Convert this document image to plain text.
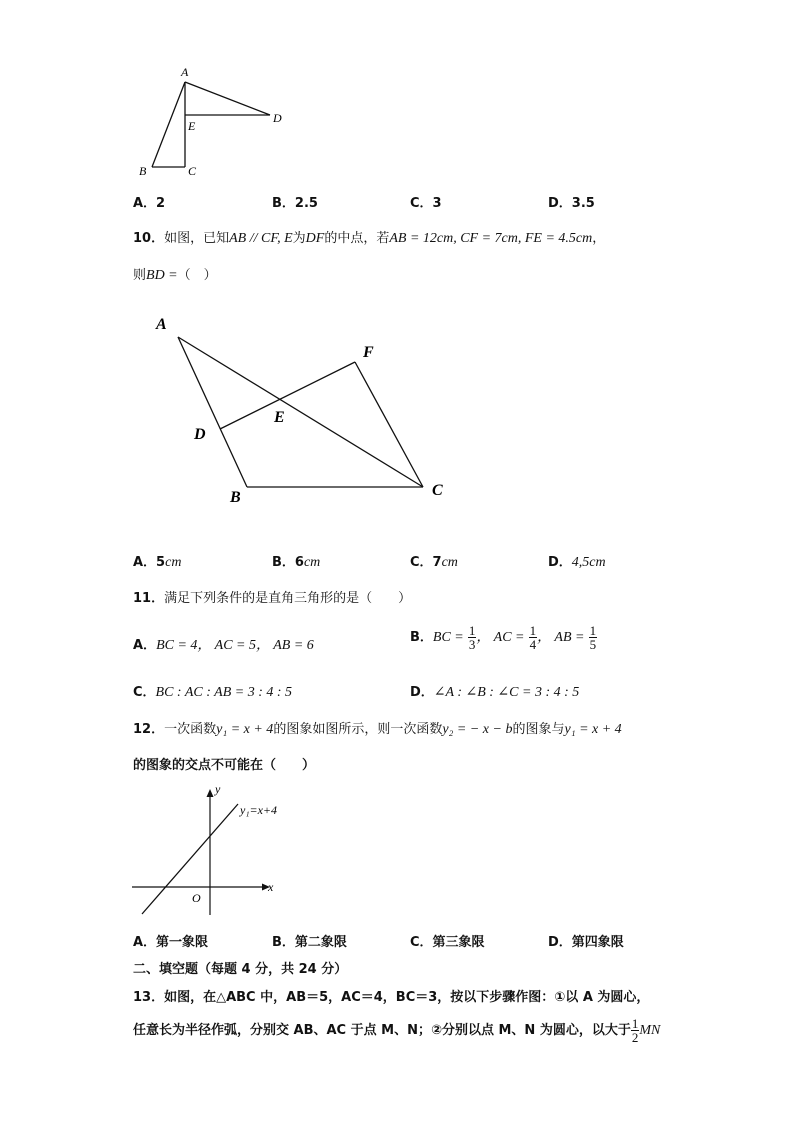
A
E
D
B	C
A．2	B．2.5	C．3	D．3.5
10．如图，已知AB // CF, E为DF的中点，若AB = 12cm, CF = 7cm, FE = 4.5cm，
则BD =（　）
A
F
E
D
B	C
A．5cm	B．6cm	C．7cm	D．4,5cm
11．满足下列条件的是直角三角形的是（　　）
A．BC = 4， AC = 5， AB = 6
B．BC = $\frac{1}{3}$ ， AC = $\frac{1}{4}$ ， AB = $\frac{1}{5}$
C．BC : AC : AB = 3 : 4 : 5	D．∠A : ∠B : ∠C = 3 : 4 : 5
12．一次函数y₁ = x + 4的图象如图所示，则一次函数y₂ = − x − b的图象与y₁ = x + 4
的图象的交点不可能在（　　）
y
x
O
y₁=x+4
A．第一象限	B．第二象限	C．第三象限	D．第四象限
二、填空题（每题 4 分，共 24 分）
13．如图，在△ABC 中，AB＝5，AC＝4，BC＝3，按以下步骤作图：①以 A 为圆心，
任意长为半径作弧，分别交 AB、AC 于点 M、N；②分别以点 M、N 为圆心，以大于 $\frac{1}{2}$ MN
